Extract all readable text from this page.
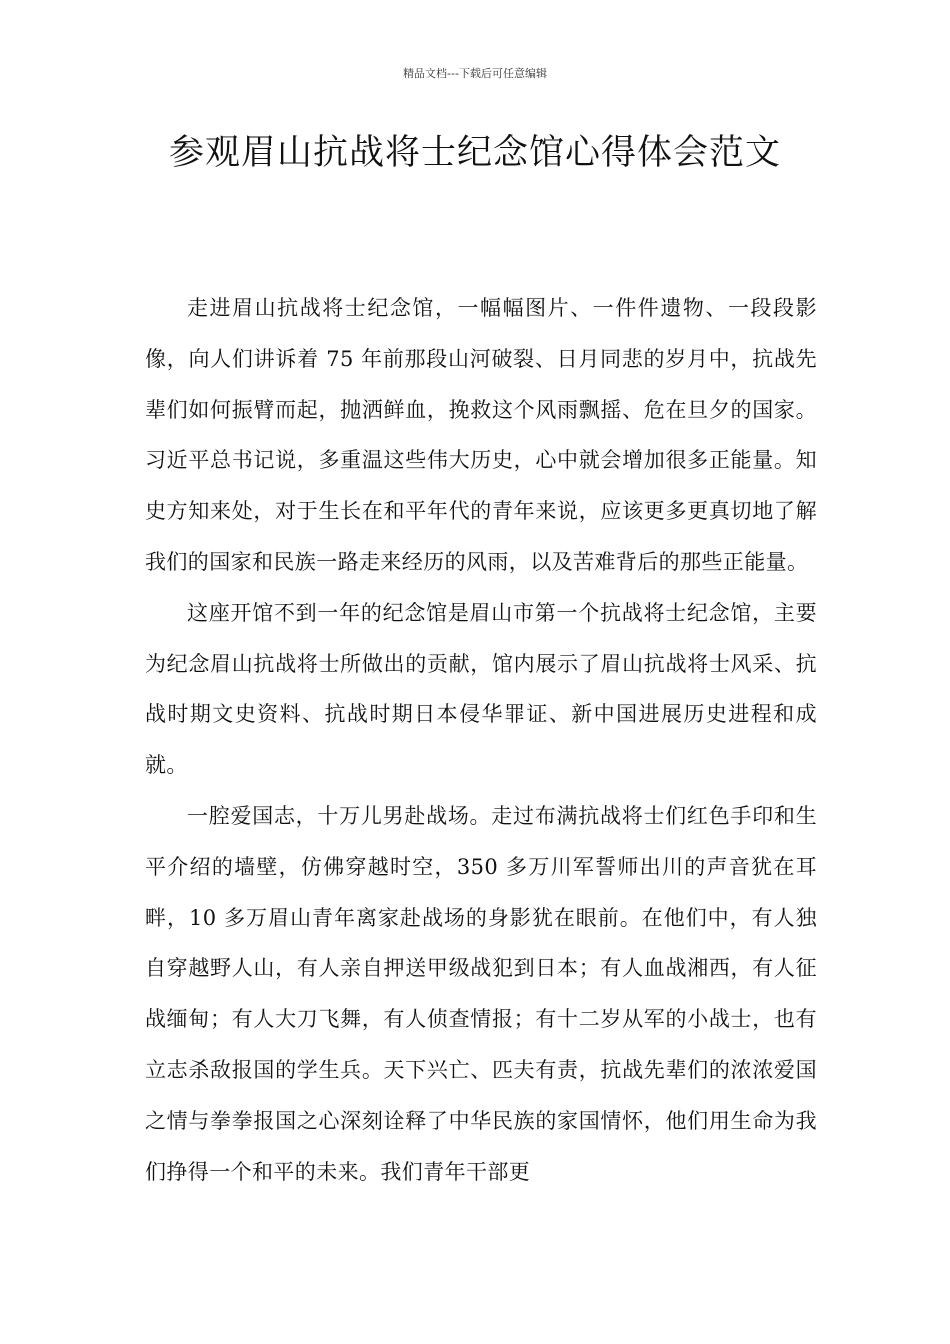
精品文档---下载后可任意编辑
参观眉山抗战将士纪念馆心得体会范文

走进眉山抗战将士纪念馆，一幅幅图片、一件件遗物、一段段影像，向人们讲诉着 75 年前那段山河破裂、日月同悲的岁月中，抗战先辈们如何振臂而起，抛洒鲜血，挽救这个风雨飘摇、危在旦夕的国家。习近平总书记说，多重温这些伟大历史，心中就会增加很多正能量。知史方知来处，对于生长在和平年代的青年来说，应该更多更真切地了解我们的国家和民族一路走来经历的风雨，以及苦难背后的那些正能量。

这座开馆不到一年的纪念馆是眉山市第一个抗战将士纪念馆，主要为纪念眉山抗战将士所做出的贡献，馆内展示了眉山抗战将士风采、抗战时期文史资料、抗战时期日本侵华罪证、新中国进展历史进程和成就。

一腔爱国志，十万儿男赴战场。走过布满抗战将士们红色手印和生平介绍的墙壁，仿佛穿越时空，350 多万川军誓师出川的声音犹在耳畔，10 多万眉山青年离家赴战场的身影犹在眼前。在他们中，有人独自穿越野人山，有人亲自押送甲级战犯到日本；有人血战湘西，有人征战缅甸；有人大刀飞舞，有人侦查情报；有十二岁从军的小战士，也有立志杀敌报国的学生兵。天下兴亡、匹夫有责，抗战先辈们的浓浓爱国之情与拳拳报国之心深刻诠释了中华民族的家国情怀，他们用生命为我们挣得一个和平的未来。我们青年干部更
